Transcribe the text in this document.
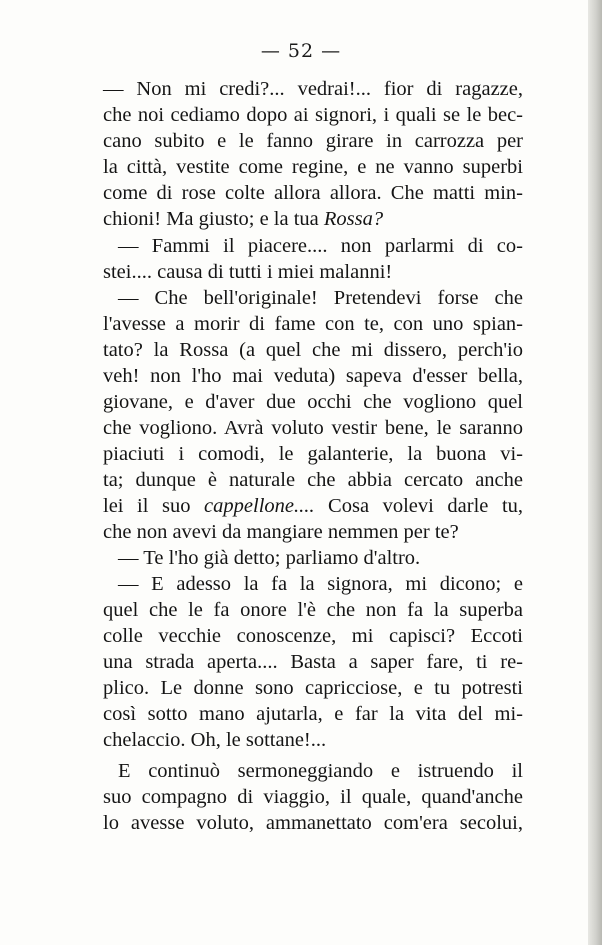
— 52 —
— Non mi credi?... vedrai!... fior di ragazze,
che noi cediamo dopo ai signori, i quali se le bec-
cano subito e le fanno girare in carrozza per
la città, vestite come regine, e ne vanno superbi
come di rose colte allora allora. Che matti min-
chioni! Ma giusto; e la tua Rossa?
— Fammi il piacere.... non parlarmi di co-
stei.... causa di tutti i miei malanni!
— Che bell'originale! Pretendevi forse che
l'avesse a morir di fame con te, con uno spian-
tato? la Rossa (a quel che mi dissero, perch'io
veh! non l'ho mai veduta) sapeva d'esser bella,
giovane, e d'aver due occhi che vogliono quel
che vogliono. Avrà voluto vestir bene, le saranno
piaciuti i comodi, le galanterie, la buona vi-
ta; dunque è naturale che abbia cercato anche
lei il suo cappellone.... Cosa volevi darle tu,
che non avevi da mangiare nemmen per te?
— Te l'ho già detto; parliamo d'altro.
— E adesso la fa la signora, mi dicono; e
quel che le fa onore l'è che non fa la superba
colle vecchie conoscenze, mi capisci? Eccoti
una strada aperta.... Basta a saper fare, ti re-
plico. Le donne sono capricciose, e tu potresti
così sotto mano ajutarla, e far la vita del mi-
chelaccio. Oh, le sottane!...
E continuò sermoneggiando e istruendo il
suo compagno di viaggio, il quale, quand'anche
lo avesse voluto, ammanettato com'era secolui,
